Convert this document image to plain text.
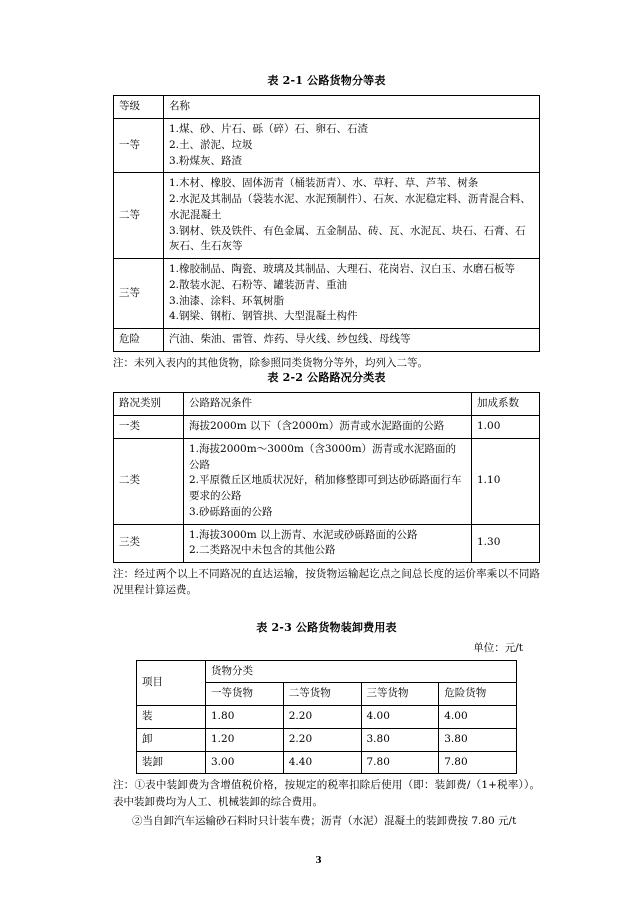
表 2-1 公路货物分等表
等级	名称
一等	1.煤、砂、片石、砾（碎）石、卵石、石渣
2.土、淤泥、垃圾
3.粉煤灰、路渣

二等	1.木材、橡胶、固体沥青（桶装沥青）、水、草籽、草、芦苇、树条
2.水泥及其制品（袋装水泥、水泥预制件）、石灰、水泥稳定料、沥青混合料、水泥混凝土
3.钢材、铁及铁件、有色金属、五金制品、砖、瓦、水泥瓦、块石、石膏、石灰石、生石灰等

三等	1.橡胶制品、陶瓷、玻璃及其制品、大理石、花岗岩、汉白玉、水磨石板等
2.散装水泥、石粉等、罐装沥青、重油
3.油漆、涂料、环氧树脂
4.钢梁、钢桁、钢管拱、大型混凝土构件

危险	汽油、柴油、雷管、炸药、导火线、纱包线、母线等

注：未列入表内的其他货物，除参照同类货物分等外，均列入二等。

表 2-2 公路路况分类表
路况类别	公路路况条件	加成系数
一类	海拔2000m 以下（含2000m）沥青或水泥路面的公路	1.00
二类	1.海拔2000m～3000m（含3000m）沥青或水泥路面的公路
2.平原微丘区地质状况好，稍加修整即可到达砂砾路面行车要求的公路
3.砂砾路面的公路	1.10
三类	1.海拔3000m 以上沥青、水泥或砂砾路面的公路
2.二类路况中未包含的其他公路	1.30

注：经过两个以上不同路况的直达运输，按货物运输起讫点之间总长度的运价率乘以不同路况里程计算运费。

表 2-3 公路货物装卸费用表
单位：元/t
项目	货物分类			
	一等货物	二等货物	三等货物	危险货物
装	1.80	2.20	4.00	4.00
卸	1.20	2.20	3.80	3.80
装卸	3.00	4.40	7.80	7.80

注：①表中装卸费为含增值税价格，按规定的税率扣除后使用（即：装卸费/（1+税率））。表中装卸费均为人工、机械装卸的综合费用。

②当自卸汽车运输砂石料时只计装车费；沥青（水泥）混凝土的装卸费按 7.80 元/t

3
